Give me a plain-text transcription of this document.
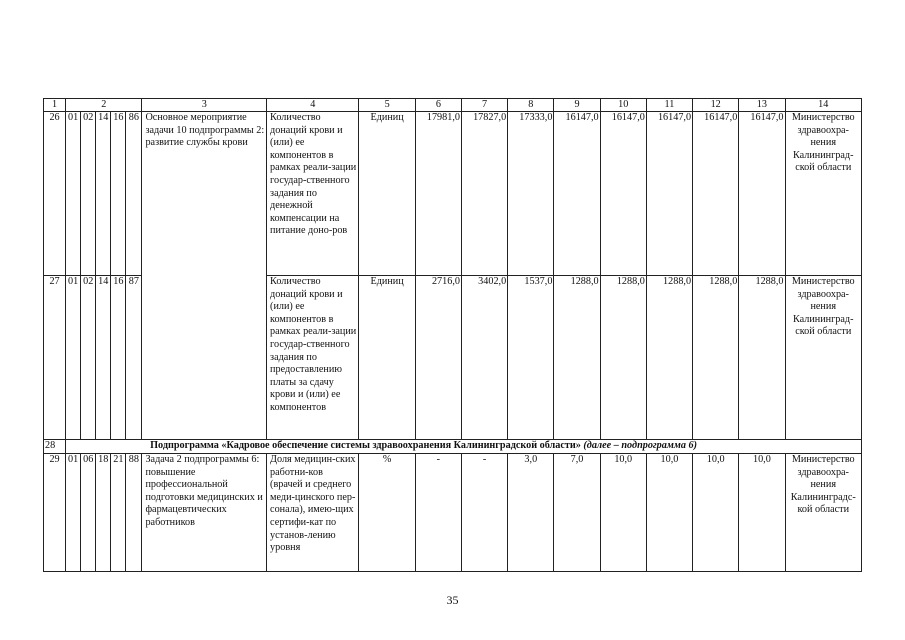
1	2					3	4	5	6	7	8	9	10	11	12	13	14
26	01	02	14	16	86	Основное мероприятие задачи 10 подпрограммы 2: развитие службы крови	Количество донаций крови и (или) ее компонентов в рамках реали-зации государ-ственного задания по денежной компенсации на питание доно-ров	Единиц	17981,0	17827,0	17333,0	16147,0	16147,0	16147,0	16147,0	16147,0	Министерство здравоохра-нения Калининград-ской области
27	01	02	14	16	87		Количество донаций крови и (или) ее компонентов в рамках реали-зации государ-ственного задания по предоставлению платы за сдачу крови и (или) ее компонентов	Единиц	2716,0	3402,0	1537,0	1288,0	1288,0	1288,0	1288,0	1288,0	Министерство здравоохра-нения Калининград-ской области
28	Подпрограмма «Кадровое обеспечение системы здравоохранения Калининградской области» (далее – подпрограмма 6)																
29	01	06	18	21	88	Задача 2 подпрограммы 6: повышение профессиональной подготовки медицинских и фармацевтических работников	Доля медицин-ских работни-ков (врачей и среднего меди-цинского пер-сонала), имею-щих сертифи-кат по установ-лению уровня	%	-	-	3,0	7,0	10,0	10,0	10,0	10,0	Министерство здравоохра-нения Калининградс-кой области
35
